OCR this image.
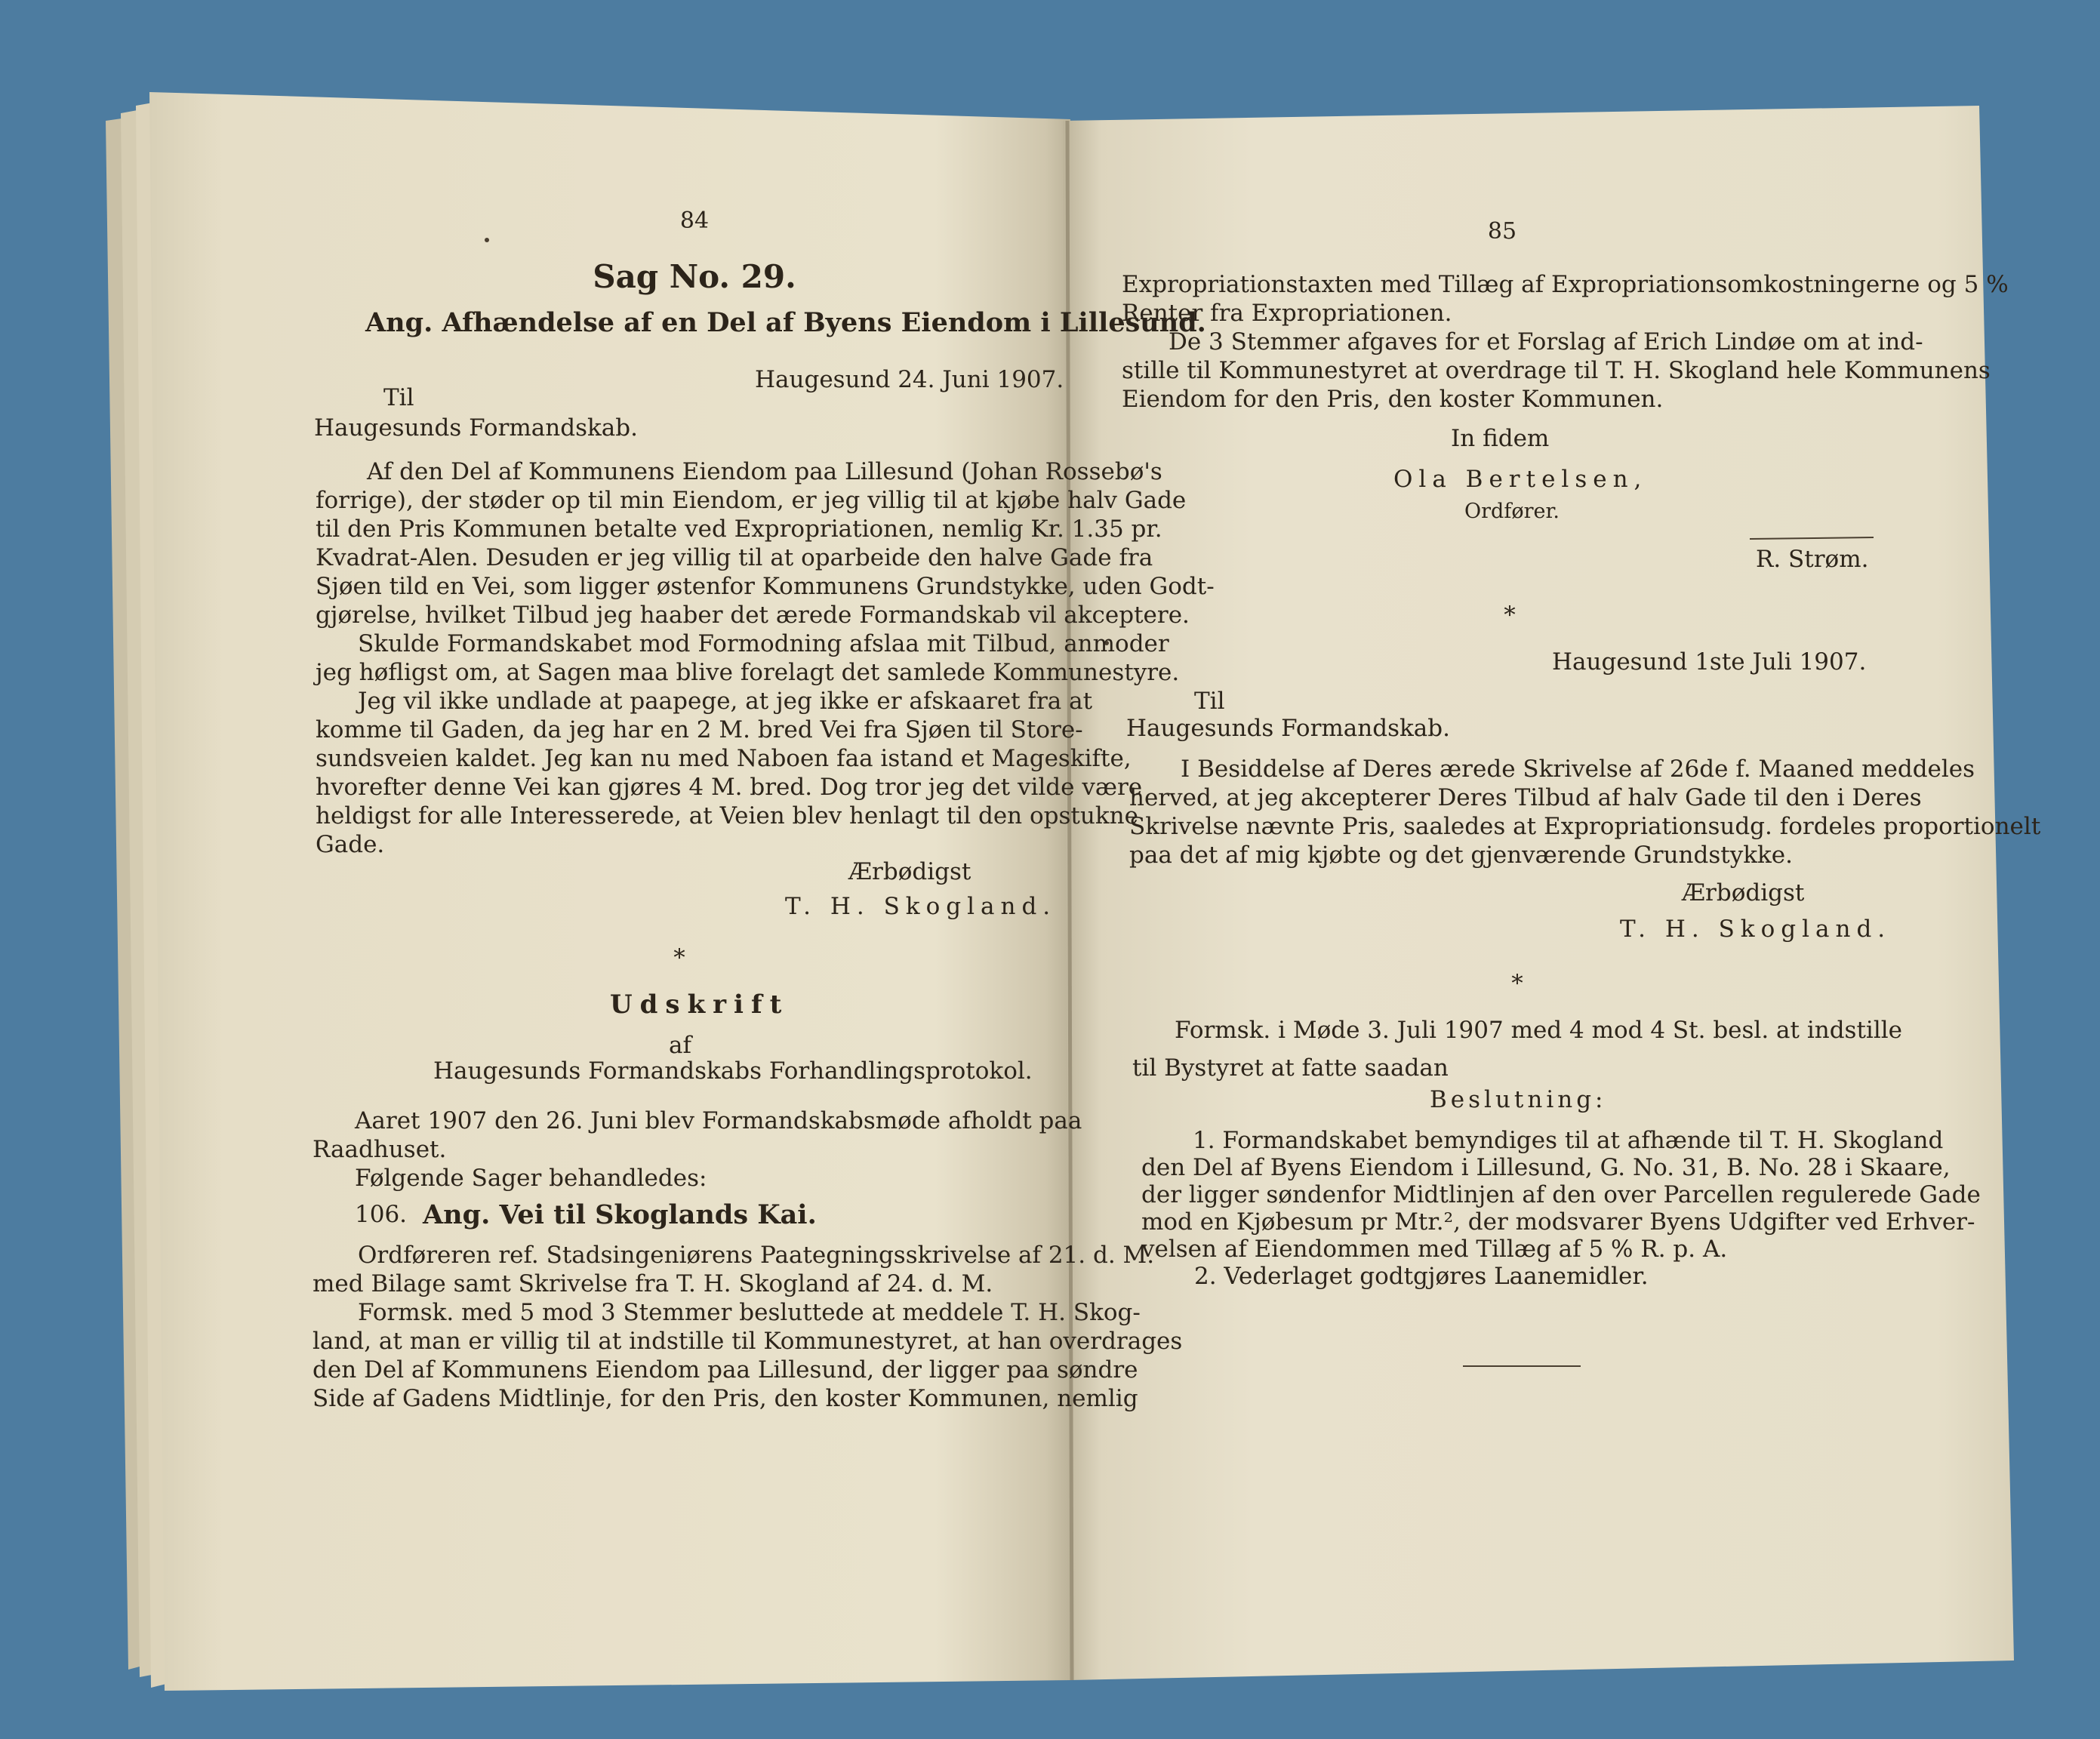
84
Sag No. 29.
Ang. Afhændelse af en Del af Byens Eiendom i Lillesund.
Haugesund 24. Juni 1907.
Til
Haugesunds Formandskab.
Af den Del af Kommunens Eiendom paa Lillesund (Johan Rossebø's
forrige), der støder op til min Eiendom, er jeg villig til at kjøbe halv Gade
til den Pris Kommunen betalte ved Expropriationen, nemlig Kr. 1.35 pr.
Kvadrat-Alen. Desuden er jeg villig til at oparbeide den halve Gade fra
Sjøen tild en Vei, som ligger østenfor Kommunens Grundstykke, uden Godt-
gjørelse, hvilket Tilbud jeg haaber det ærede Formandskab vil akceptere.
Skulde Formandskabet mod Formodning afslaa mit Tilbud, anmoder
jeg høfligst om, at Sagen maa blive forelagt det samlede Kommunestyre.
Jeg vil ikke undlade at paapege, at jeg ikke er afskaaret fra at
komme til Gaden, da jeg har en 2 M. bred Vei fra Sjøen til Store-
sundsveien kaldet. Jeg kan nu med Naboen faa istand et Mageskifte,
hvorefter denne Vei kan gjøres 4 M. bred. Dog tror jeg det vilde være
heldigst for alle Interesserede, at Veien blev henlagt til den opstukne
Gade.
Ærbødigst
T. H. Skogland.
*
Udskrift
af
Haugesunds Formandskabs Forhandlingsprotokol.
Aaret 1907 den 26. Juni blev Formandskabsmøde afholdt paa
Raadhuset.
Følgende Sager behandledes:
106. Ang. Vei til Skoglands Kai.
Ordføreren ref. Stadsingeniørens Paategningsskrivelse af 21. d. M.
med Bilage samt Skrivelse fra T. H. Skogland af 24. d. M.
Formsk. med 5 mod 3 Stemmer besluttede at meddele T. H. Skog-
land, at man er villig til at indstille til Kommunestyret, at han overdrages
den Del af Kommunens Eiendom paa Lillesund, der ligger paa søndre
Side af Gadens Midtlinje, for den Pris, den koster Kommunen, nemlig
85
Expropriationstaxten med Tillæg af Expropriationsomkostningerne og 5 %
Renter fra Expropriationen.
De 3 Stemmer afgaves for et Forslag af Erich Lindøe om at ind-
stille til Kommunestyret at overdrage til T. H. Skogland hele Kommunens
Eiendom for den Pris, den koster Kommunen.
In fidem
Ola Bertelsen,
Ordfører.
R. Strøm.
*
Haugesund 1ste Juli 1907.
Til
Haugesunds Formandskab.
I Besiddelse af Deres ærede Skrivelse af 26de f. Maaned meddeles
herved, at jeg akcepterer Deres Tilbud af halv Gade til den i Deres
Skrivelse nævnte Pris, saaledes at Expropriationsudg. fordeles proportionelt
paa det af mig kjøbte og det gjenværende Grundstykke.
Ærbødigst
T. H. Skogland.
*
Formsk. i Møde 3. Juli 1907 med 4 mod 4 St. besl. at indstille
til Bystyret at fatte saadan
Beslutning:
1. Formandskabet bemyndiges til at afhænde til T. H. Skogland
den Del af Byens Eiendom i Lillesund, G. No. 31, B. No. 28 i Skaare,
der ligger søndenfor Midtlinjen af den over Parcellen regulerede Gade
mod en Kjøbesum pr Mtr.², der modsvarer Byens Udgifter ved Erhver-
velsen af Eiendommen med Tillæg af 5 % R. p. A.
2. Vederlaget godtgjøres Laanemidler.
